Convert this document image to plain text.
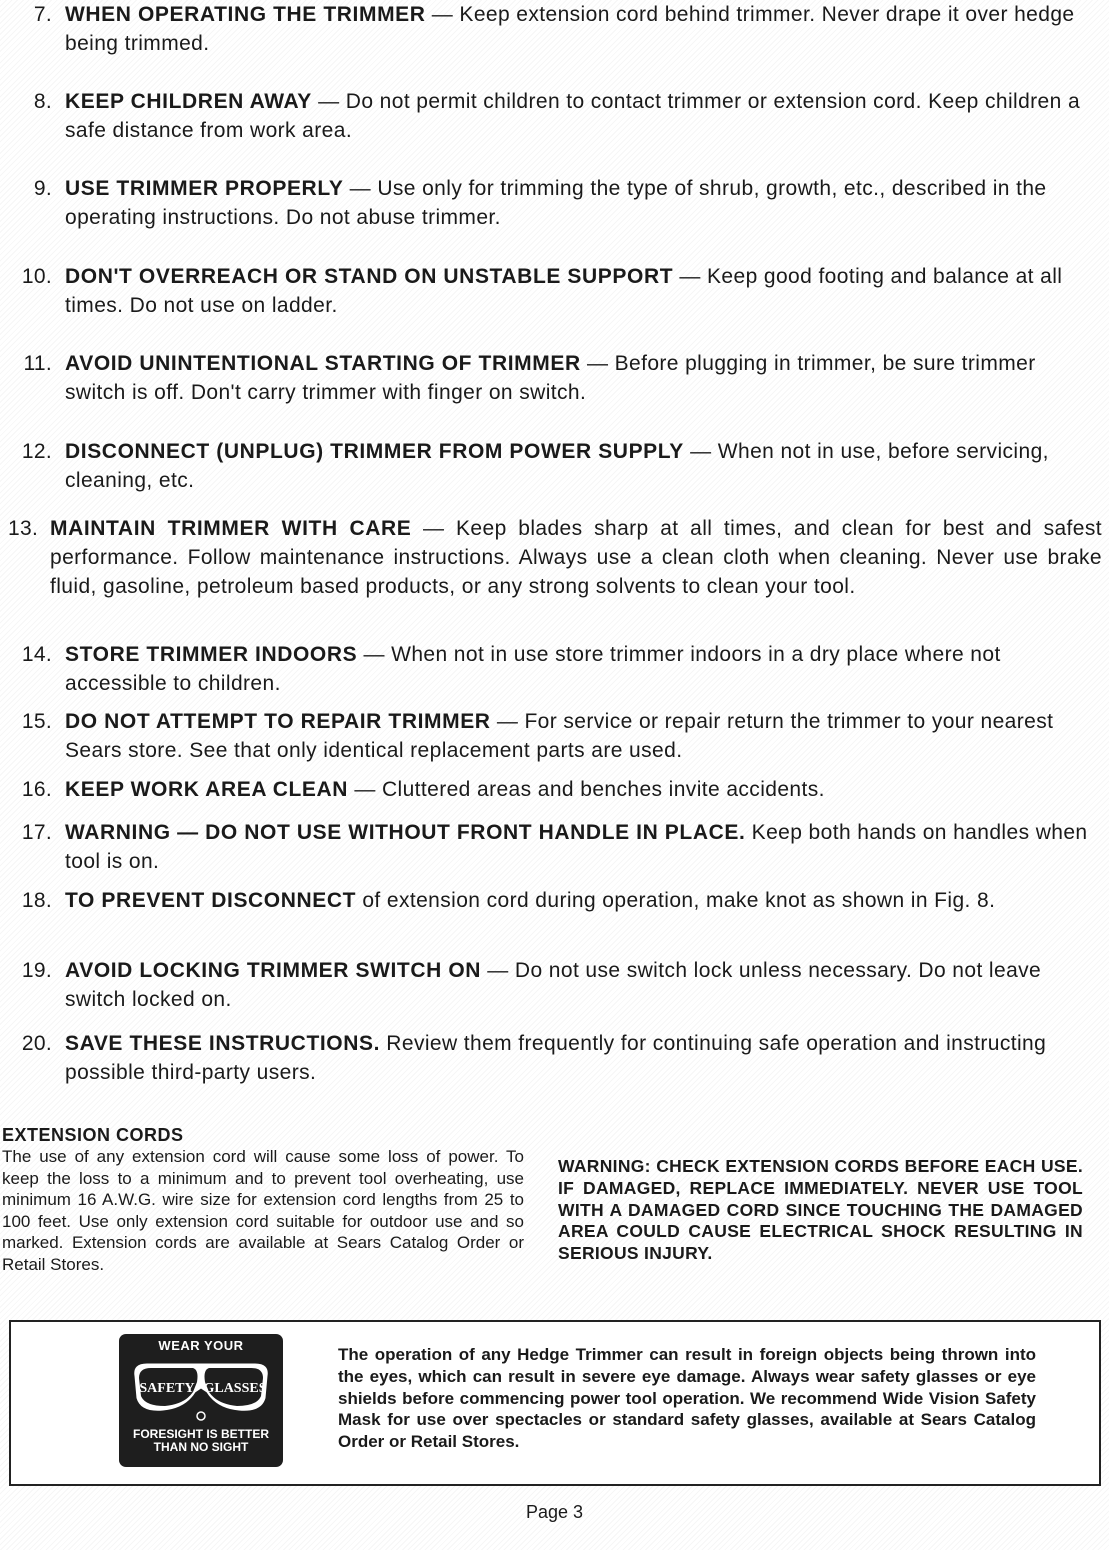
7. WHEN OPERATING THE TRIMMER — Keep extension cord behind trimmer. Never drape it over hedge being trimmed.
8. KEEP CHILDREN AWAY — Do not permit children to contact trimmer or extension cord. Keep children a safe distance from work area.
9. USE TRIMMER PROPERLY — Use only for trimming the type of shrub, growth, etc., described in the operating instructions. Do not abuse trimmer.
10. DON'T OVERREACH OR STAND ON UNSTABLE SUPPORT — Keep good footing and balance at all times. Do not use on ladder.
11. AVOID UNINTENTIONAL STARTING OF TRIMMER — Before plugging in trimmer, be sure trimmer switch is off. Don't carry trimmer with finger on switch.
12. DISCONNECT (UNPLUG) TRIMMER FROM POWER SUPPLY — When not in use, before servicing, cleaning, etc.
13. MAINTAIN TRIMMER WITH CARE — Keep blades sharp at all times, and clean for best and safest performance. Follow maintenance instructions. Always use a clean cloth when cleaning. Never use brake fluid, gasoline, petroleum based products, or any strong solvents to clean your tool.
14. STORE TRIMMER INDOORS — When not in use store trimmer indoors in a dry place where not accessible to children.
15. DO NOT ATTEMPT TO REPAIR TRIMMER — For service or repair return the trimmer to your nearest Sears store. See that only identical replacement parts are used.
16. KEEP WORK AREA CLEAN — Cluttered areas and benches invite accidents.
17. WARNING — DO NOT USE WITHOUT FRONT HANDLE IN PLACE. Keep both hands on handles when tool is on.
18. TO PREVENT DISCONNECT of extension cord during operation, make knot as shown in Fig. 8.
19. AVOID LOCKING TRIMMER SWITCH ON — Do not use switch lock unless necessary. Do not leave switch locked on.
20. SAVE THESE INSTRUCTIONS. Review them frequently for continuing safe operation and instructing possible third-party users.
EXTENSION CORDS

The use of any extension cord will cause some loss of power. To keep the loss to a minimum and to prevent tool overheating, use minimum 16 A.W.G. wire size for extension cord lengths from 25 to 100 feet. Use only extension cord suitable for outdoor use and so marked. Extension cords are available at Sears Catalog Order or Retail Stores.

WARNING: CHECK EXTENSION CORDS BEFORE EACH USE. IF DAMAGED, REPLACE IMMEDIATELY. NEVER USE TOOL WITH A DAMAGED CORD SINCE TOUCHING THE DAMAGED AREA COULD CAUSE ELECTRICAL SHOCK RESULTING IN SERIOUS INJURY.
WEAR YOUR
SAFETY GLASSES
FORESIGHT IS BETTER
THAN NO SIGHT
The operation of any Hedge Trimmer can result in foreign objects being thrown into the eyes, which can result in severe eye damage. Always wear safety glasses or eye shields before commencing power tool operation. We recommend Wide Vision Safety Mask for use over spectacles or standard safety glasses, available at Sears Catalog Order or Retail Stores.
Page 3
